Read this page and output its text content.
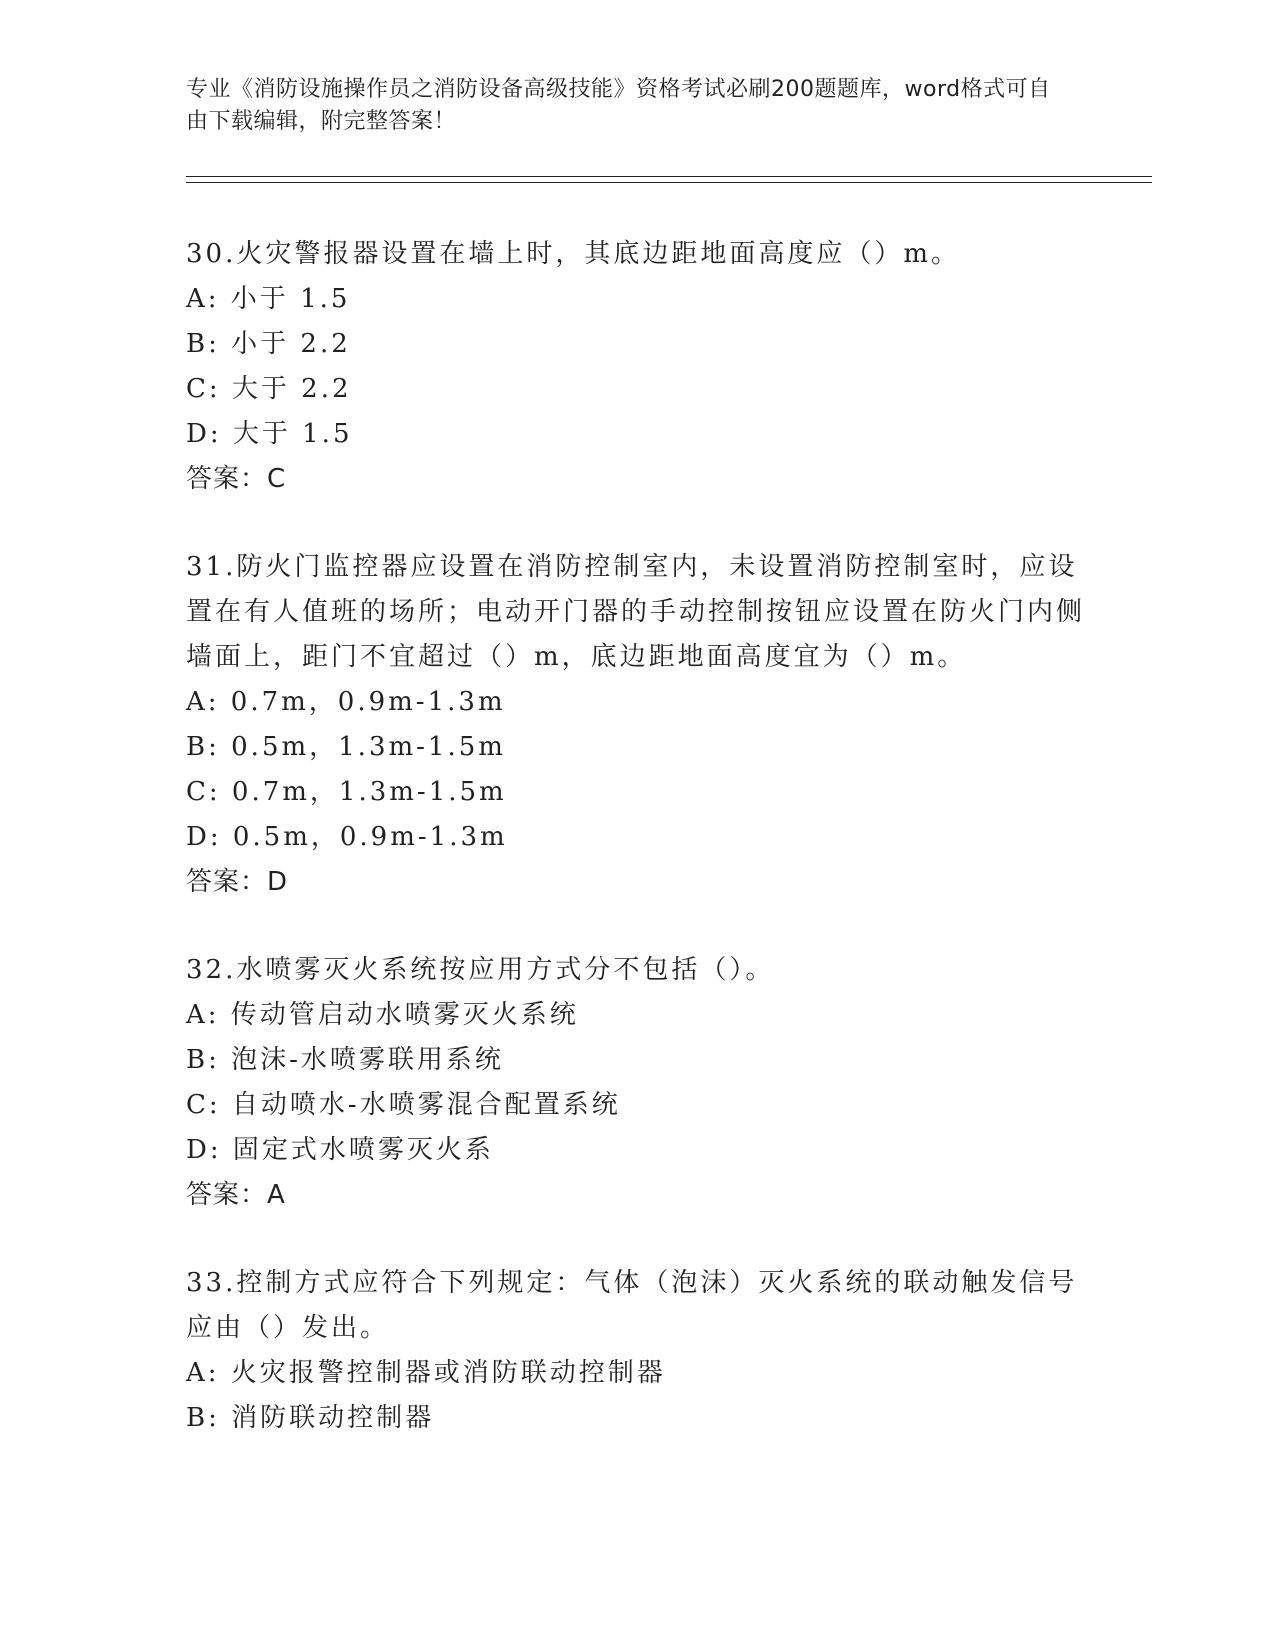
专业《消防设施操作员之消防设备高级技能》资格考试必刷200题题库，word格式可自由下载编辑，附完整答案！
30.火灾警报器设置在墙上时，其底边距地面高度应（）m。
A: 小于 1.5
B: 小于 2.2
C: 大于 2.2
D: 大于 1.5
答案：C
31.防火门监控器应设置在消防控制室内，未设置消防控制室时，应设置在有人值班的场所；电动开门器的手动控制按钮应设置在防火门内侧墙面上，距门不宜超过（）m，底边距地面高度宜为（）m。
A: 0.7m，0.9m-1.3m
B: 0.5m，1.3m-1.5m
C: 0.7m，1.3m-1.5m
D: 0.5m，0.9m-1.3m
答案：D
32.水喷雾灭火系统按应用方式分不包括（）。
A: 传动管启动水喷雾灭火系统
B: 泡沫-水喷雾联用系统
C: 自动喷水-水喷雾混合配置系统
D: 固定式水喷雾灭火系
答案：A
33.控制方式应符合下列规定：气体（泡沫）灭火系统的联动触发信号应由（）发出。
A: 火灾报警控制器或消防联动控制器
B: 消防联动控制器
